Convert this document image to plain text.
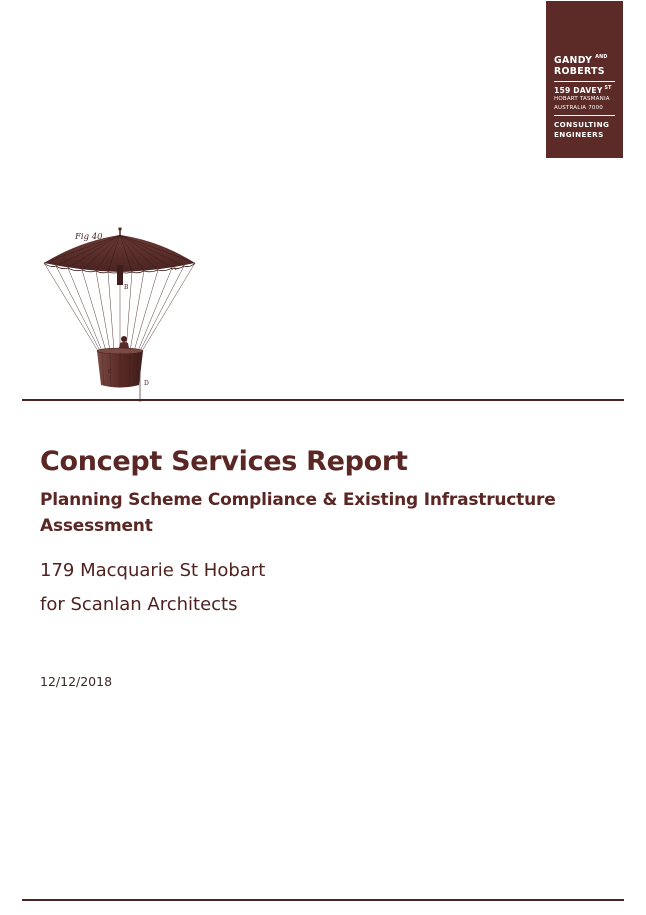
GANDY AND
ROBERTS
159 DAVEY ST
HOBART TASMANIA
AUSTRALIA 7000
CONSULTING
ENGINEERS
Fig 40
A
A
B
C
D
Concept Services Report
Planning Scheme Compliance & Existing Infrastructure Assessment

179 Macquarie St Hobart

for Scanlan Architects

12/12/2018
